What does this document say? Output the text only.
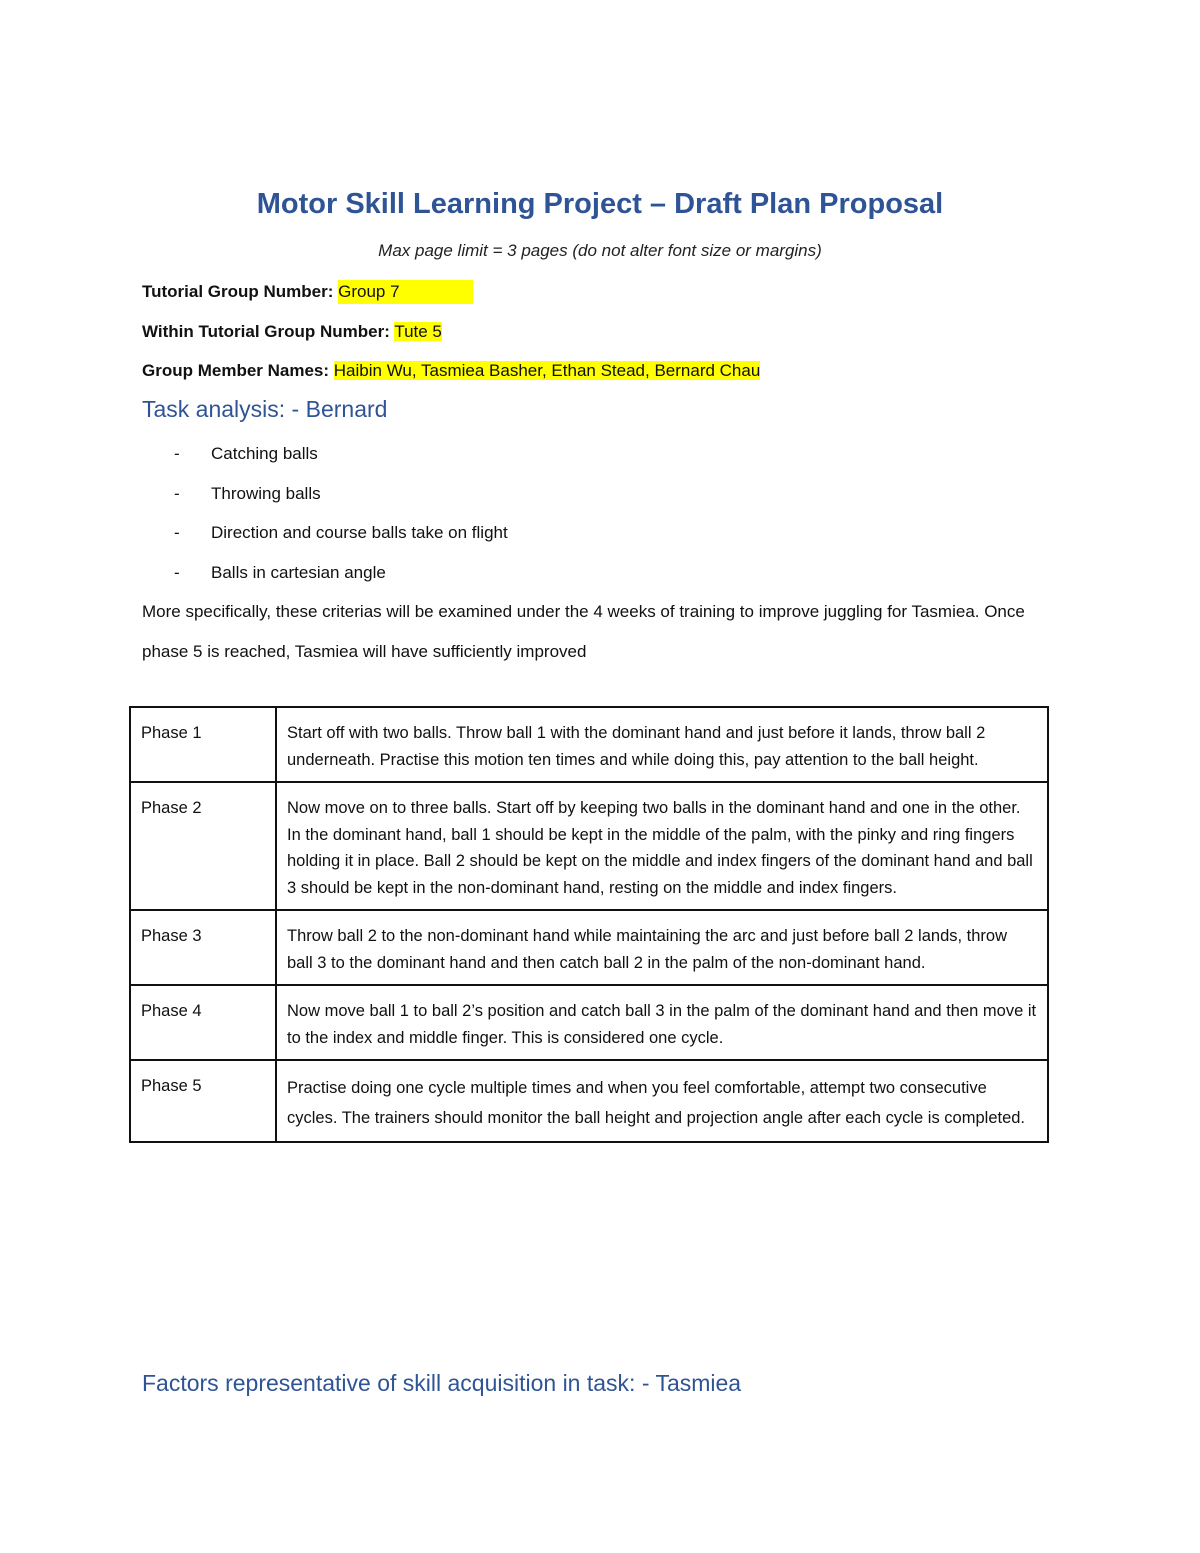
Motor Skill Learning Project – Draft Plan Proposal
Max page limit = 3 pages (do not alter font size or margins)
Tutorial Group Number: Group 7
Within Tutorial Group Number: Tute 5
Group Member Names: Haibin Wu, Tasmiea Basher, Ethan Stead, Bernard Chau
Task analysis: - Bernard
- Catching balls
- Throwing balls
- Direction and course balls take on flight
- Balls in cartesian angle
More specifically, these criterias will be examined under the 4 weeks of training to improve juggling for Tasmiea. Once phase 5 is reached, Tasmiea will have sufficiently improved
Phase 1	Start off with two balls. Throw ball 1 with the dominant hand and just before it lands, throw ball 2 underneath. Practise this motion ten times and while doing this, pay attention to the ball height.
Phase 2	Now move on to three balls. Start off by keeping two balls in the dominant hand and one in the other. In the dominant hand, ball 1 should be kept in the middle of the palm, with the pinky and ring fingers holding it in place. Ball 2 should be kept on the middle and index fingers of the dominant hand and ball 3 should be kept in the non-dominant hand, resting on the middle and index fingers.
Phase 3	Throw ball 2 to the non-dominant hand while maintaining the arc and just before ball 2 lands, throw ball 3 to the dominant hand and then catch ball 2 in the palm of the non-dominant hand.
Phase 4	Now move ball 1 to ball 2’s position and catch ball 3 in the palm of the dominant hand and then move it to the index and middle finger. This is considered one cycle.
Phase 5	Practise doing one cycle multiple times and when you feel comfortable, attempt two consecutive cycles. The trainers should monitor the ball height and projection angle after each cycle is completed.
Factors representative of skill acquisition in task: - Tasmiea
